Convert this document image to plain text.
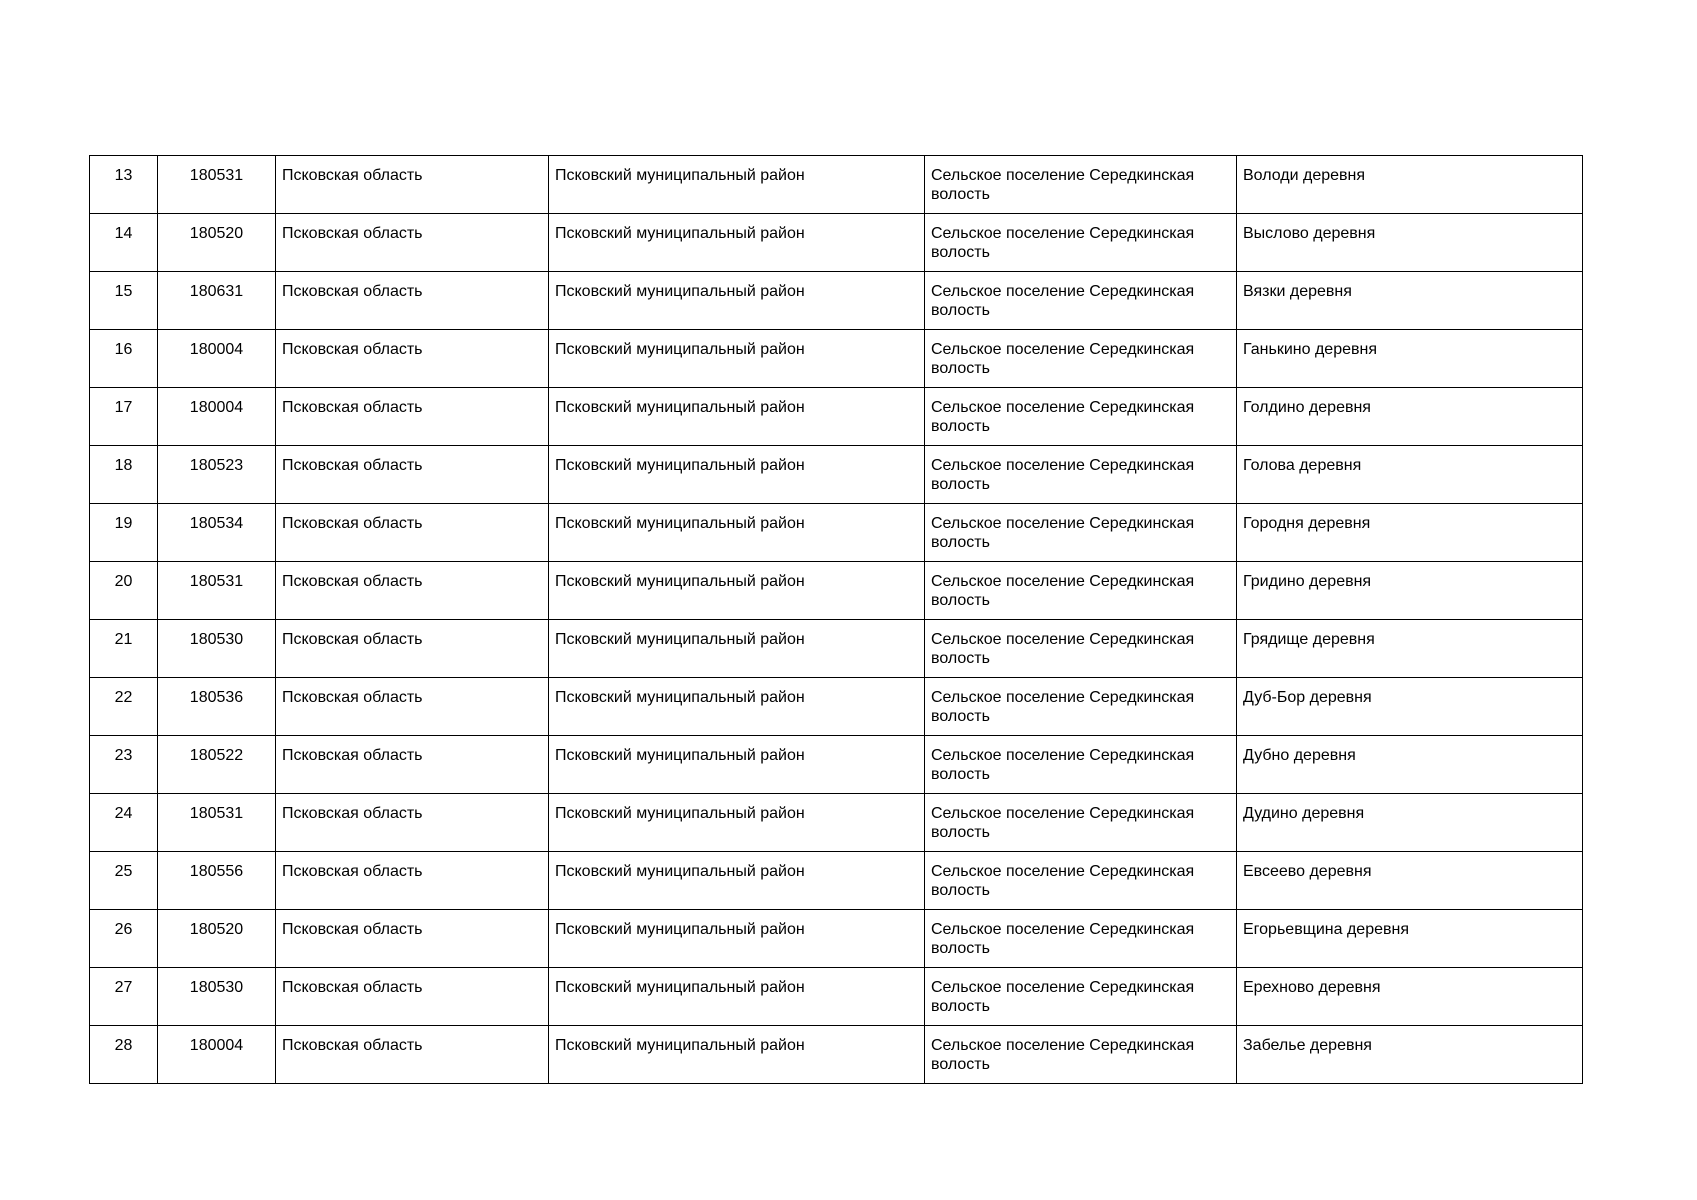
13	180531	Псковская область	Псковский муниципальный район	Сельское поселение Середкинская волость	Володи деревня
14	180520	Псковская область	Псковский муниципальный район	Сельское поселение Середкинская волость	Выслово деревня
15	180631	Псковская область	Псковский муниципальный район	Сельское поселение Середкинская волость	Вязки деревня
16	180004	Псковская область	Псковский муниципальный район	Сельское поселение Середкинская волость	Ганькино деревня
17	180004	Псковская область	Псковский муниципальный район	Сельское поселение Середкинская волость	Голдино деревня
18	180523	Псковская область	Псковский муниципальный район	Сельское поселение Середкинская волость	Голова деревня
19	180534	Псковская область	Псковский муниципальный район	Сельское поселение Середкинская волость	Городня деревня
20	180531	Псковская область	Псковский муниципальный район	Сельское поселение Середкинская волость	Гридино деревня
21	180530	Псковская область	Псковский муниципальный район	Сельское поселение Середкинская волость	Грядище деревня
22	180536	Псковская область	Псковский муниципальный район	Сельское поселение Середкинская волость	Дуб-Бор деревня
23	180522	Псковская область	Псковский муниципальный район	Сельское поселение Середкинская волость	Дубно деревня
24	180531	Псковская область	Псковский муниципальный район	Сельское поселение Середкинская волость	Дудино деревня
25	180556	Псковская область	Псковский муниципальный район	Сельское поселение Середкинская волость	Евсеево деревня
26	180520	Псковская область	Псковский муниципальный район	Сельское поселение Середкинская волость	Егорьевщина деревня
27	180530	Псковская область	Псковский муниципальный район	Сельское поселение Середкинская волость	Ерехново деревня
28	180004	Псковская область	Псковский муниципальный район	Сельское поселение Середкинская волость	Забелье деревня
